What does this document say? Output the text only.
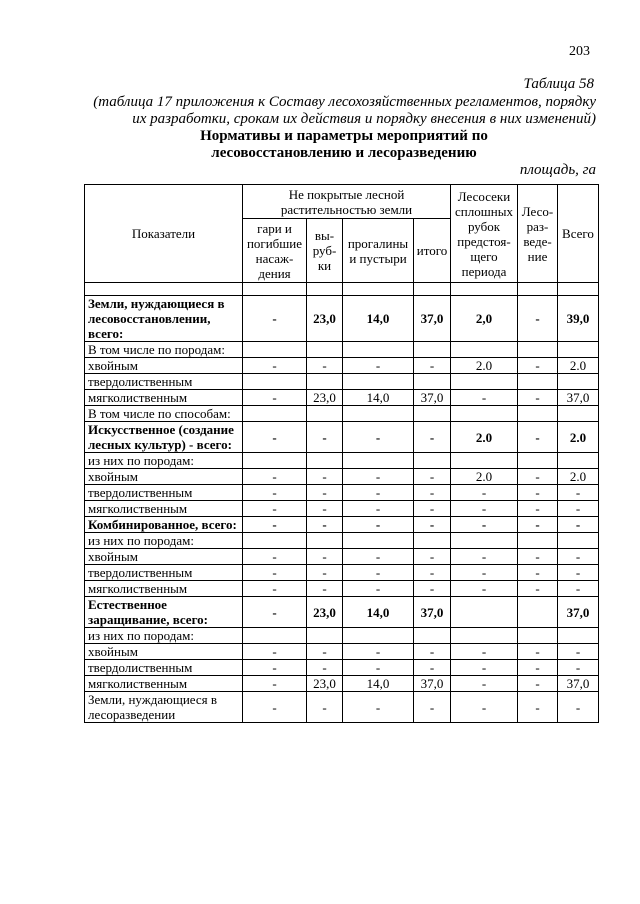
203
Таблица 58
(таблица 17 приложения к Составу лесохозяйственных регламентов, порядку их разработки, срокам их действия и порядку внесения в них изменений)
Нормативы и параметры мероприятий по
лесовосстановлению и лесоразведению
площадь, га
Показатели	Не покрытые лесной растительностью земли				Лесосеки сплошных рубок предстоя-щего периода	Лесо-раз-веде-ние	Всего
	гари и погибшие насаж-дения	вы-руб-ки	прогалины и пустыри	итого			

Земли, нуждающиеся в лесовосстановлении, всего:	-	23,0	14,0	37,0	2,0	-	39,0
В том числе по породам:							
хвойным	-	-	-	-	2.0	-	2.0
твердолиственным							
мягколиственным	-	23,0	14,0	37,0	-	-	37,0
В том числе по способам:							
Искусственное (создание лесных культур) - всего:	-	-	-	-	2.0	-	2.0
из них по породам:							
хвойным	-	-	-	-	2.0	-	2.0
твердолиственным	-	-	-	-	-	-	-
мягколиственным	-	-	-	-	-	-	-
Комбинированное, всего:	-	-	-	-	-	-	-
из них по породам:							
хвойным	-	-	-	-	-	-	-
твердолиственным	-	-	-	-	-	-	-
мягколиственным	-	-	-	-	-	-	-
Естественное заращивание, всего:	-	23,0	14,0	37,0			37,0
из них по породам:							
хвойным	-	-	-	-	-	-	-
твердолиственным	-	-	-	-	-	-	-
мягколиственным	-	23,0	14,0	37,0	-	-	37,0
Земли, нуждающиеся в лесоразведении	-	-	-	-	-	-	-
